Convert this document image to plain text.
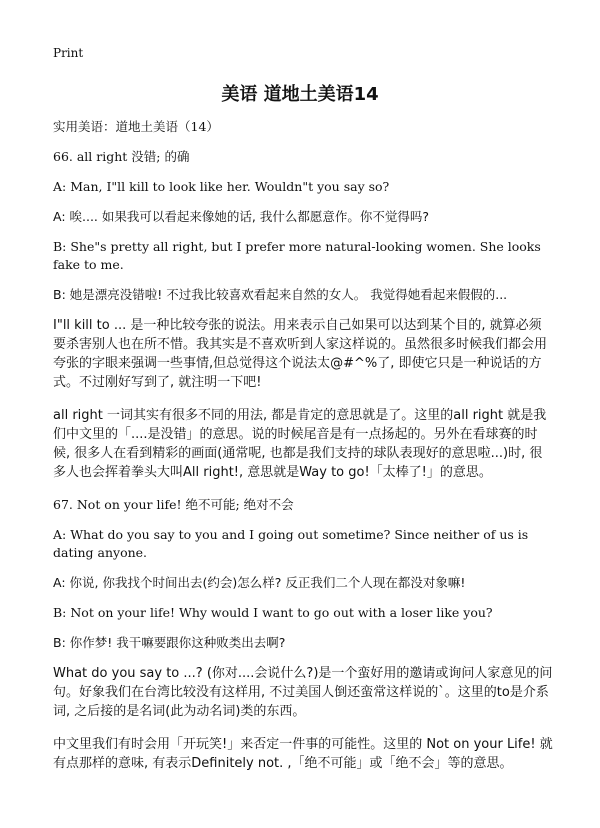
Print
美语 道地土美语14

实用美语：道地土美语（14）

66. all right 没错; 的确

A: Man, I"ll kill to look like her. Wouldn"t you say so?

A: 唉.... 如果我可以看起来像她的话, 我什么都愿意作。你不觉得吗?

B: She"s pretty all right, but I prefer more natural-looking women. She looks fake to me.

B: 她是漂亮没错啦! 不过我比较喜欢看起来自然的女人。 我觉得她看起来假假的...

I"ll kill to ... 是一种比较夸张的说法。用来表示自己如果可以达到某个目的, 就算必须要杀害别人也在所不惜。我其实是不喜欢听到人家这样说的。虽然很多时候我们都会用夸张的字眼来强调一些事情,但总觉得这个说法太@#^%了, 即使它只是一种说话的方式。不过刚好写到了, 就注明一下吧!

all right 一词其实有很多不同的用法, 都是肯定的意思就是了。这里的all right 就是我们中文里的「....是没错」的意思。说的时候尾音是有一点扬起的。另外在看球赛的时候, 很多人在看到精彩的画面(通常呢, 也都是我们支持的球队表现好的意思啦...)时, 很多人也会挥着拳头大叫All right!, 意思就是Way to go!「太棒了!」的意思。

67. Not on your life! 绝不可能; 绝对不会

A: What do you say to you and I going out sometime? Since neither of us is dating anyone.

A: 你说, 你我找个时间出去(约会)怎么样? 反正我们二个人现在都没对象嘛!

B: Not on your life! Why would I want to go out with a loser like you?

B: 你作梦! 我干嘛要跟你这种败类出去啊?

What do you say to ...? (你对....会说什么?)是一个蛮好用的邀请或询问人家意见的问句。好象我们在台湾比较没有这样用, 不过美国人倒还蛮常这样说的`。这里的to是介系词, 之后接的是名词(此为动名词)类的东西。

中文里我们有时会用「开玩笑!」来否定一件事的可能性。这里的 Not on your Life! 就有点那样的意味, 有表示Definitely not. ,「绝不可能」或「绝不会」等的意思。
